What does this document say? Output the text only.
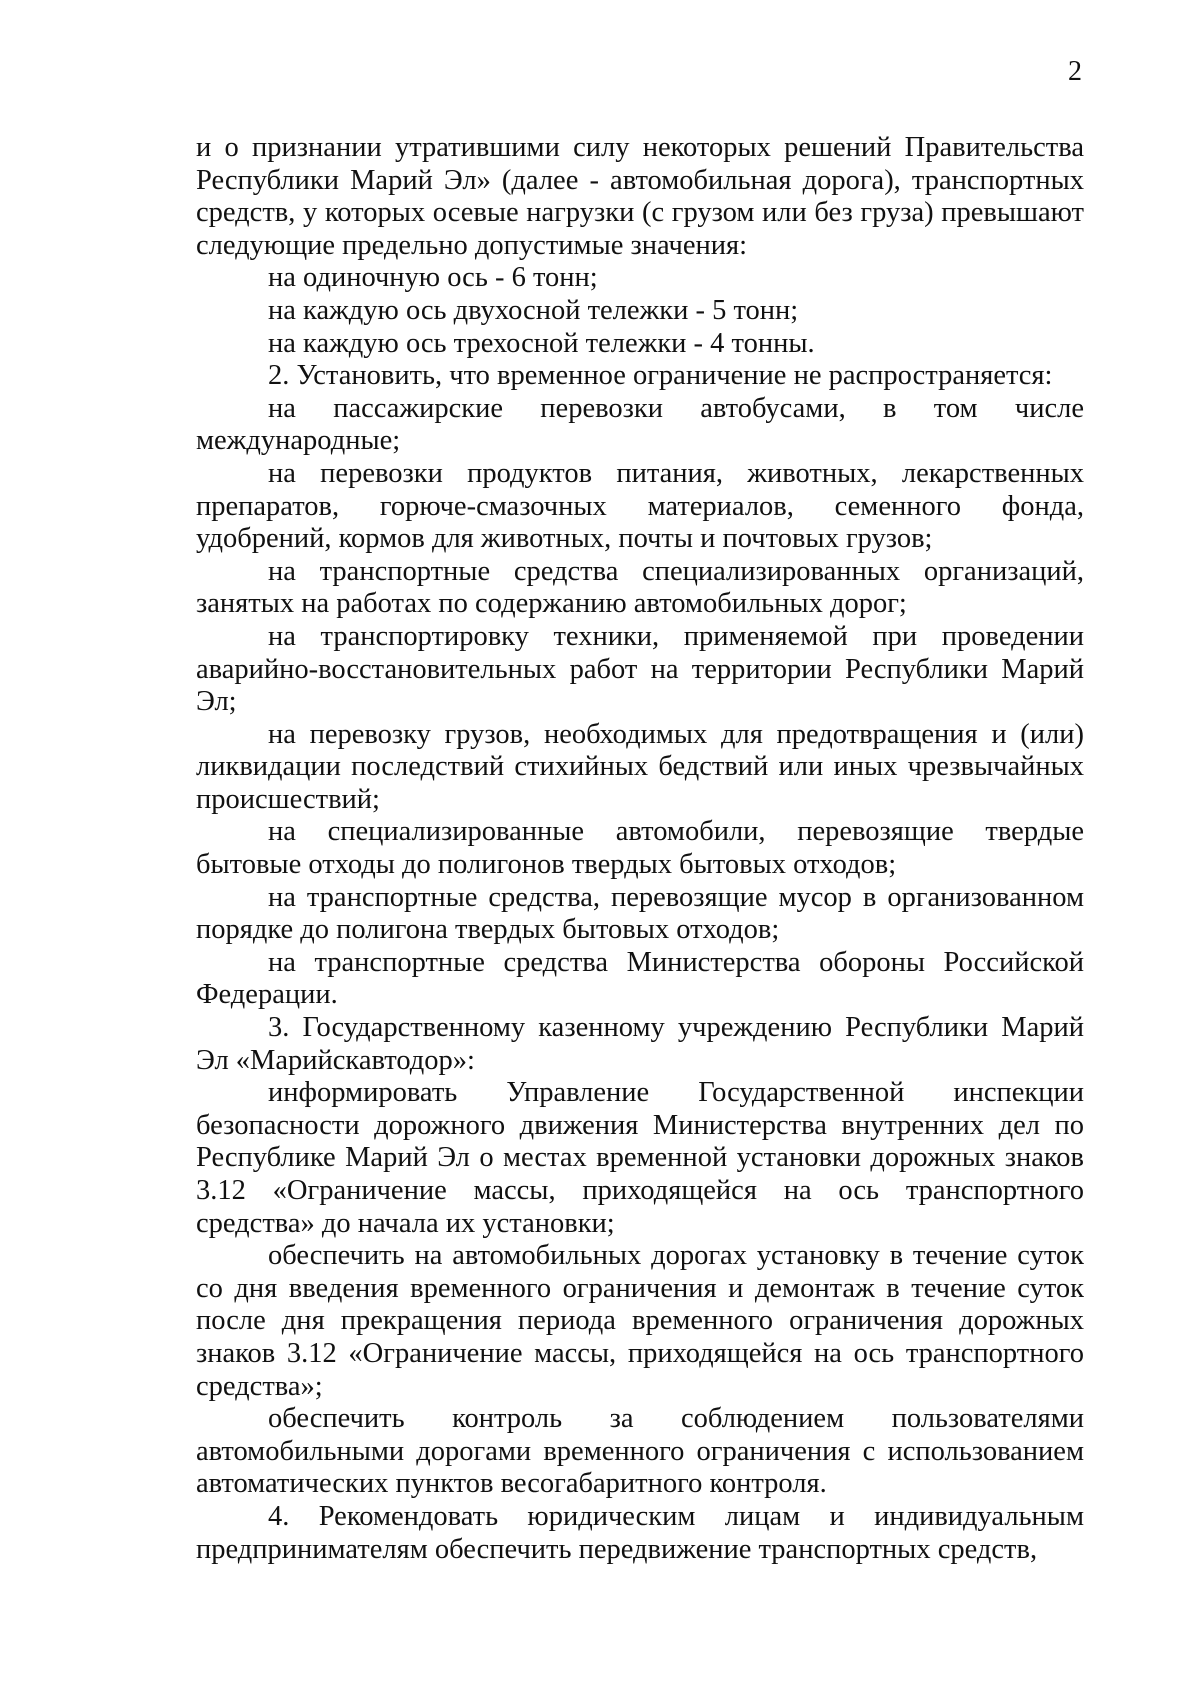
2

и о признании утратившими силу некоторых решений Правительства Республики Марий Эл» (далее - автомобильная дорога), транспортных средств, у которых осевые нагрузки (с грузом или без груза) превышают следующие предельно допустимые значения:

на одиночную ось - 6 тонн;

на каждую ось двухосной тележки - 5 тонн;

на каждую ось трехосной тележки - 4 тонны.

2. Установить, что временное ограничение не распространяется:

на пассажирские перевозки автобусами, в том числе международные;

на перевозки продуктов питания, животных, лекарственных препаратов, горюче-смазочных материалов, семенного фонда, удобрений, кормов для животных, почты и почтовых грузов;

на транспортные средства специализированных организаций, занятых на работах по содержанию автомобильных дорог;

на транспортировку техники, применяемой при проведении аварийно-восстановительных работ на территории Республики Марий Эл;

на перевозку грузов, необходимых для предотвращения и (или) ликвидации последствий стихийных бедствий или иных чрезвычайных происшествий;

на специализированные автомобили, перевозящие твердые бытовые отходы до полигонов твердых бытовых отходов;

на транспортные средства, перевозящие мусор в организованном порядке до полигона твердых бытовых отходов;

на транспортные средства Министерства обороны Российской Федерации.

3. Государственному казенному учреждению Республики Марий Эл «Марийскавтодор»:

информировать Управление Государственной инспекции безопасности дорожного движения Министерства внутренних дел по Республике Марий Эл о местах временной установки дорожных знаков 3.12 «Ограничение массы, приходящейся на ось транспортного средства» до начала их установки;

обеспечить на автомобильных дорогах установку в течение суток со дня введения временного ограничения и демонтаж в течение суток после дня прекращения периода временного ограничения дорожных знаков 3.12 «Ограничение массы, приходящейся на ось транспортного средства»;

обеспечить контроль за соблюдением пользователями автомобильными дорогами временного ограничения с использованием автоматических пунктов весогабаритного контроля.

4. Рекомендовать юридическим лицам и индивидуальным предпринимателям обеспечить передвижение транспортных средств,
